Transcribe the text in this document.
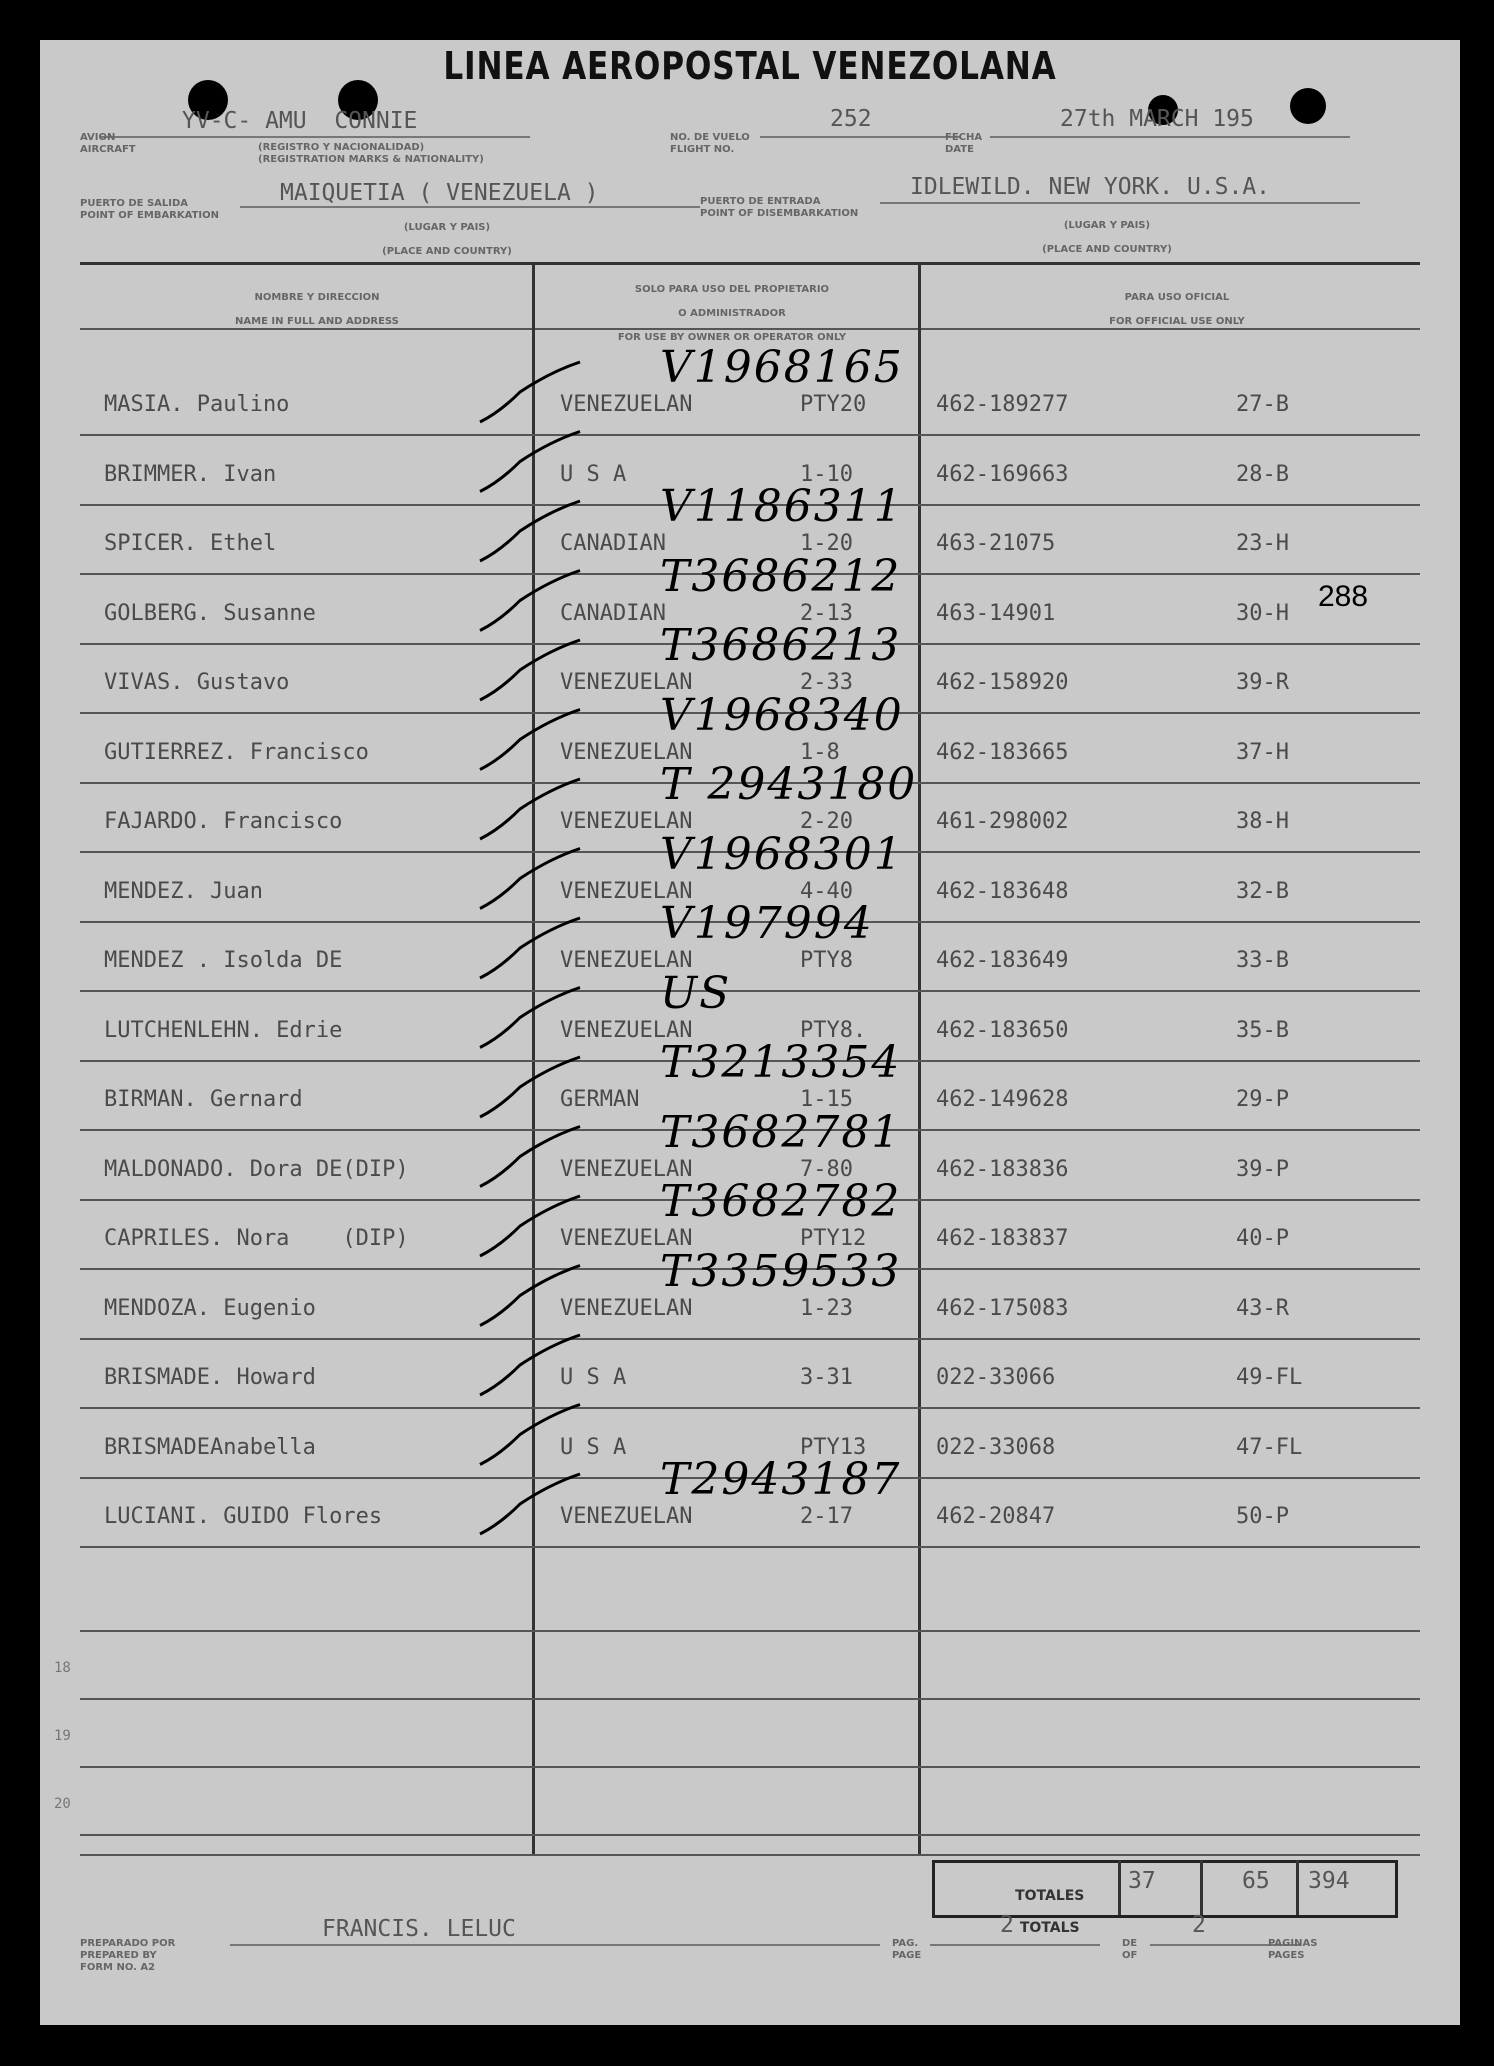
LINEA AEROPOSTAL VENEZOLANA
YV-C- AMU  CONNIE
AVION
AIRCRAFT	(REGISTRO Y NACIONALIDAD)
(REGISTRATION MARKS & NATIONALITY)
252
NO. DE VUELO
FLIGHT NO.
27th MARCH 195
FECHA
DATE
MAIQUETIA ( VENEZUELA )
PUERTO DE SALIDA
POINT OF EMBARKATION

(LUGAR Y PAIS)

(PLACE AND COUNTRY)

IDLEWILD. NEW YORK. U.S.A.
PUERTO DE ENTRADA
POINT OF DISEMBARKATION

(LUGAR Y PAIS)

(PLACE AND COUNTRY)

NOMBRE Y DIRECCION

NAME IN FULL AND ADDRESS

SOLO PARA USO DEL PROPIETARIO

O ADMINISTRADOR

FOR USE BY OWNER OR OPERATOR ONLY

PARA USO OFICIAL

FOR OFFICIAL USE ONLY

MASIA. Paulino	VENEZUELAN	PTY20	462-189277	27-B
V1968165
BRIMMER. Ivan	U S A	1-10	462-169663	28-B
SPICER. Ethel	CANADIAN	1-20	463-21075	23-H
V1186311
GOLBERG. Susanne	CANADIAN	2-13	463-14901	30-H
T3686212
VIVAS. Gustavo	VENEZUELAN	2-33	462-158920	39-R
T3686213
GUTIERREZ. Francisco	VENEZUELAN	1-8	462-183665	37-H
V1968340
FAJARDO. Francisco	VENEZUELAN	2-20	461-298002	38-H
T 2943180
MENDEZ. Juan	VENEZUELAN	4-40	462-183648	32-B
V1968301
MENDEZ . Isolda DE	VENEZUELAN	PTY8	462-183649	33-B
V197994
LUTCHENLEHN. Edrie	VENEZUELAN	PTY8.	462-183650	35-B
US
BIRMAN. Gernard	GERMAN	1-15	462-149628	29-P
T3213354
MALDONADO. Dora DE(DIP)	VENEZUELAN	7-80	462-183836	39-P
T3682781
CAPRILES. Nora    (DIP)	VENEZUELAN	PTY12	462-183837	40-P
T3682782
MENDOZA. Eugenio	VENEZUELAN	1-23	462-175083	43-R
T3359533
BRISMADE. Howard	U S A	3-31	022-33066	49-FL
BRISMADEAnabella	U S A	PTY13	022-33068	47-FL
LUCIANI. GUIDO Flores	VENEZUELAN	2-17	462-20847	50-P
T2943187
18
19
20
288

TOTALES

TOTALS

37	65 394
FRANCIS. LELUC
PREPARADO POR
PREPARED BY
FORM NO. A2
2
PAG.
PAGE
2
DE
OF
PAGINAS
PAGES
